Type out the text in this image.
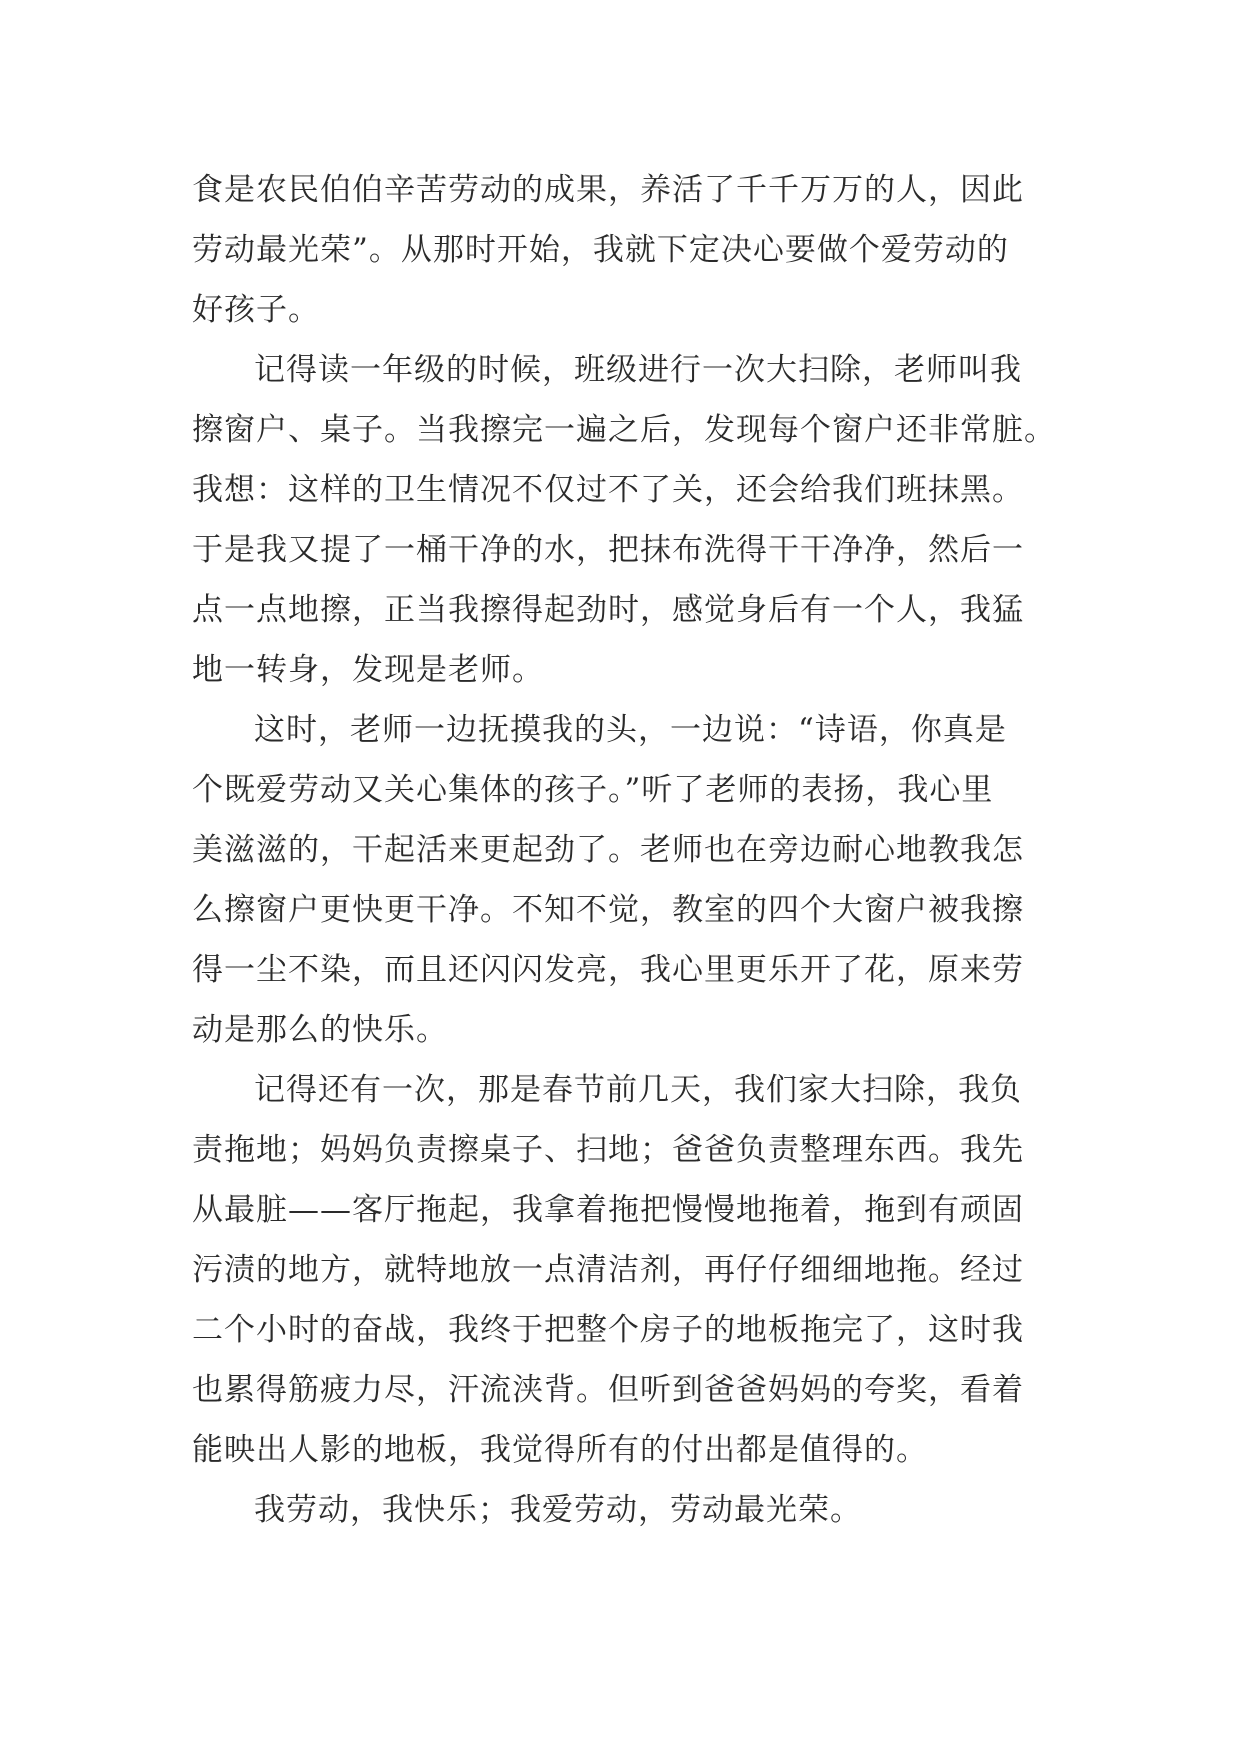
食是农民伯伯辛苦劳动的成果，养活了千千万万的人，因此
劳动最光荣”。从那时开始，我就下定决心要做个爱劳动的
好孩子。
记得读一年级的时候，班级进行一次大扫除，老师叫我
擦窗户、桌子。当我擦完一遍之后，发现每个窗户还非常脏。
我想：这样的卫生情况不仅过不了关，还会给我们班抹黑。
于是我又提了一桶干净的水，把抹布洗得干干净净，然后一
点一点地擦，正当我擦得起劲时，感觉身后有一个人，我猛
地一转身，发现是老师。
这时，老师一边抚摸我的头，一边说：“诗语，你真是
个既爱劳动又关心集体的孩子。”听了老师的表扬，我心里
美滋滋的，干起活来更起劲了。老师也在旁边耐心地教我怎
么擦窗户更快更干净。不知不觉，教室的四个大窗户被我擦
得一尘不染，而且还闪闪发亮，我心里更乐开了花，原来劳
动是那么的快乐。
记得还有一次，那是春节前几天，我们家大扫除，我负
责拖地；妈妈负责擦桌子、扫地；爸爸负责整理东西。我先
从最脏——客厅拖起，我拿着拖把慢慢地拖着，拖到有顽固
污渍的地方，就特地放一点清洁剂，再仔仔细细地拖。经过
二个小时的奋战，我终于把整个房子的地板拖完了，这时我
也累得筋疲力尽，汗流浃背。但听到爸爸妈妈的夸奖，看着
能映出人影的地板，我觉得所有的付出都是值得的。
我劳动，我快乐；我爱劳动，劳动最光荣。
